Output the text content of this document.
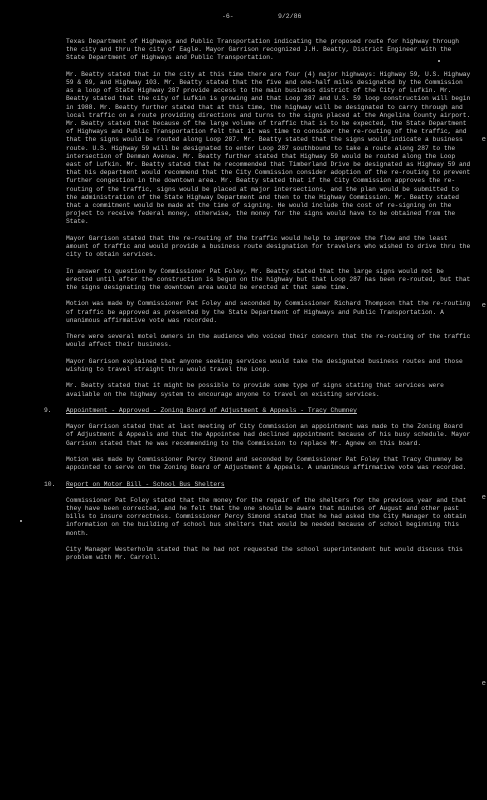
-6-	9/2/86

Texas Department of Highways and Public Transportation indicating the proposed route for highway through the city and thru the city of Eagle. Mayor Garrison recognized J.H. Beatty, District Engineer with the State Department of Highways and Public Transportation.

Mr. Beatty stated that in the city at this time there are four (4) major highways: Highway 59, U.S. Highway 59 & 69, and Highway 103. Mr. Beatty stated that the five and one-half miles designated by the Commission as a loop of State Highway 287 provide access to the main business district of the City of Lufkin. Mr. Beatty stated that the city of Lufkin is growing and that Loop 287 and U.S. 59 loop construction will begin in 1988. Mr. Beatty further stated that at this time, the highway will be designated to carry through and local traffic on a route providing directions and turns to the signs placed at the Angelina County airport. Mr. Beatty stated that because of the large volume of traffic that is to be expected, the State Department of Highways and Public Transportation felt that it was time to consider the re-routing of the traffic, and that the signs would be routed along Loop 287. Mr. Beatty stated that the signs would indicate a business route. U.S. Highway 59 will be designated to enter Loop 287 southbound to take a route along 287 to the intersection of Denman Avenue. Mr. Beatty further stated that Highway 59 would be routed along the Loop east of Lufkin. Mr. Beatty stated that he recommended that Timberland Drive be designated as Highway 59 and that his department would recommend that the City Commission consider adoption of the re-routing to prevent further congestion in the downtown area. Mr. Beatty stated that if the City Commission approves the re-routing of the traffic, signs would be placed at major intersections, and the plan would be submitted to the administration of the State Highway Department and then to the Highway Commission. Mr. Beatty stated that a commitment would be made at the time of signing. He would include the cost of re-signing on the project to receive federal money, otherwise, the money for the signs would have to be obtained from the State.

Mayor Garrison stated that the re-routing of the traffic would help to improve the flow and the least amount of traffic and would provide a business route designation for travelers who wished to drive thru the city to obtain services.

In answer to question by Commissioner Pat Foley, Mr. Beatty stated that the large signs would not be erected until after the construction is begun on the highway but that Loop 287 has been re-routed, but that the signs designating the downtown area would be erected at that same time.

Motion was made by Commissioner Pat Foley and seconded by Commissioner Richard Thompson that the re-routing of traffic be approved as presented by the State Department of Highways and Public Transportation. A unanimous affirmative vote was recorded.

There were several motel owners in the audience who voiced their concern that the re-routing of the traffic would affect their business.

Mayor Garrison explained that anyone seeking services would take the designated business routes and those wishing to travel straight thru would travel the Loop.

Mr. Beatty stated that it might be possible to provide some type of signs stating that services were available on the highway system to encourage anyone to travel on existing services.

9. Appointment - Approved - Zoning Board of Adjustment & Appeals - Tracy Chumney

Mayor Garrison stated that at last meeting of City Commission an appointment was made to the Zoning Board of Adjustment & Appeals and that the Appointee had declined appointment because of his busy schedule. Mayor Garrison stated that he was recommending to the Commission to replace Mr. Agnew on this board.

Motion was made by Commissioner Percy Simond and seconded by Commissioner Pat Foley that Tracy Chumney be appointed to serve on the Zoning Board of Adjustment & Appeals. A unanimous affirmative vote was recorded.

10. Report on Motor Bill - School Bus Shelters

Commissioner Pat Foley stated that the money for the repair of the shelters for the previous year and that they have been corrected, and he felt that the one should be aware that minutes of August and other past bills to insure correctness. Commissioner Percy Simond stated that he had asked the City Manager to obtain information on the building of school bus shelters that would be needed because of school beginning this month.

City Manager Westerholm stated that he had not requested the school superintendent but would discuss this problem with Mr. Carroll.

e
e
e
e
